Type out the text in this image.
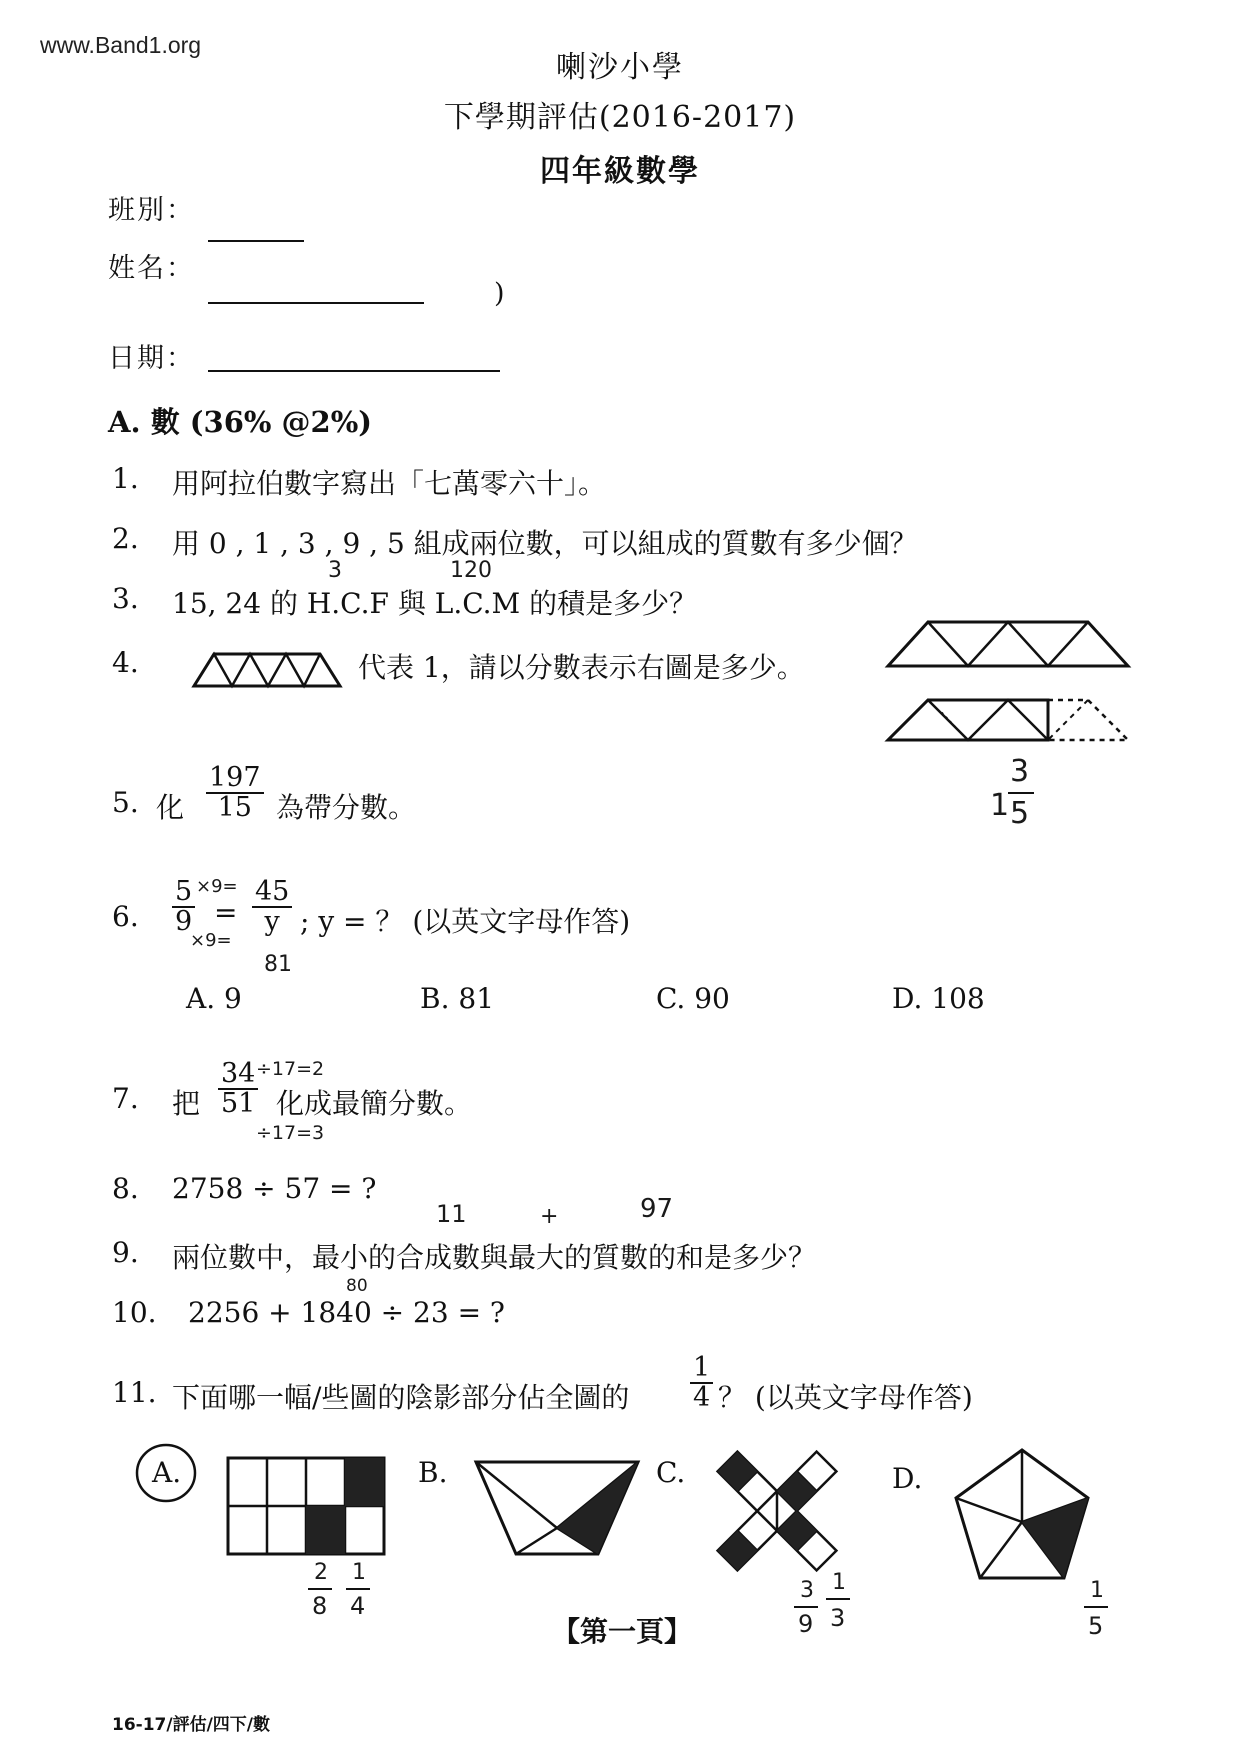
www.Band1.org
喇沙小學
下學期評估(2016-2017)
四年級數學
班別：
姓名：
)
日期：
A. 數 (36% @2%)
1. 用阿拉伯數字寫出「七萬零六十」。
2. 用 0 , 1 , 3 , 9 , 5 組成兩位數，可以組成的質數有多少個？
3	120
3. 15, 24 的 H.C.F 與 L.C.M 的積是多少？
4.	代表 1，請以分數表示右圖是多少。
1
3
5
5. 化 $\frac{197}{15}$ 為帶分數。
6. $\frac{5}{9} \times 9=$
=
×9=
$\frac{45}{y}$
81
; y = ？ (以英文字母作答)
A. 9	B. 81	C. 90	D. 108
7. 把 $\frac{34}{51}$
÷17=2
÷17=3
化成最簡分數。
8. 2758 ÷ 57 = ?
11	+	97
9. 兩位數中，最小的合成數與最大的質數的和是多少？
80
10. 2256 + 1840 ÷ 23 = ?
11. 下面哪一幅/些圖的陰影部分佔全圖的 $\frac{1}{4}$ ？ (以英文字母作答)
A.
2
8
1
4
B.	C.
3
9
1
3
D.
1
5
【第一頁】
16-17/評估/四下/數
